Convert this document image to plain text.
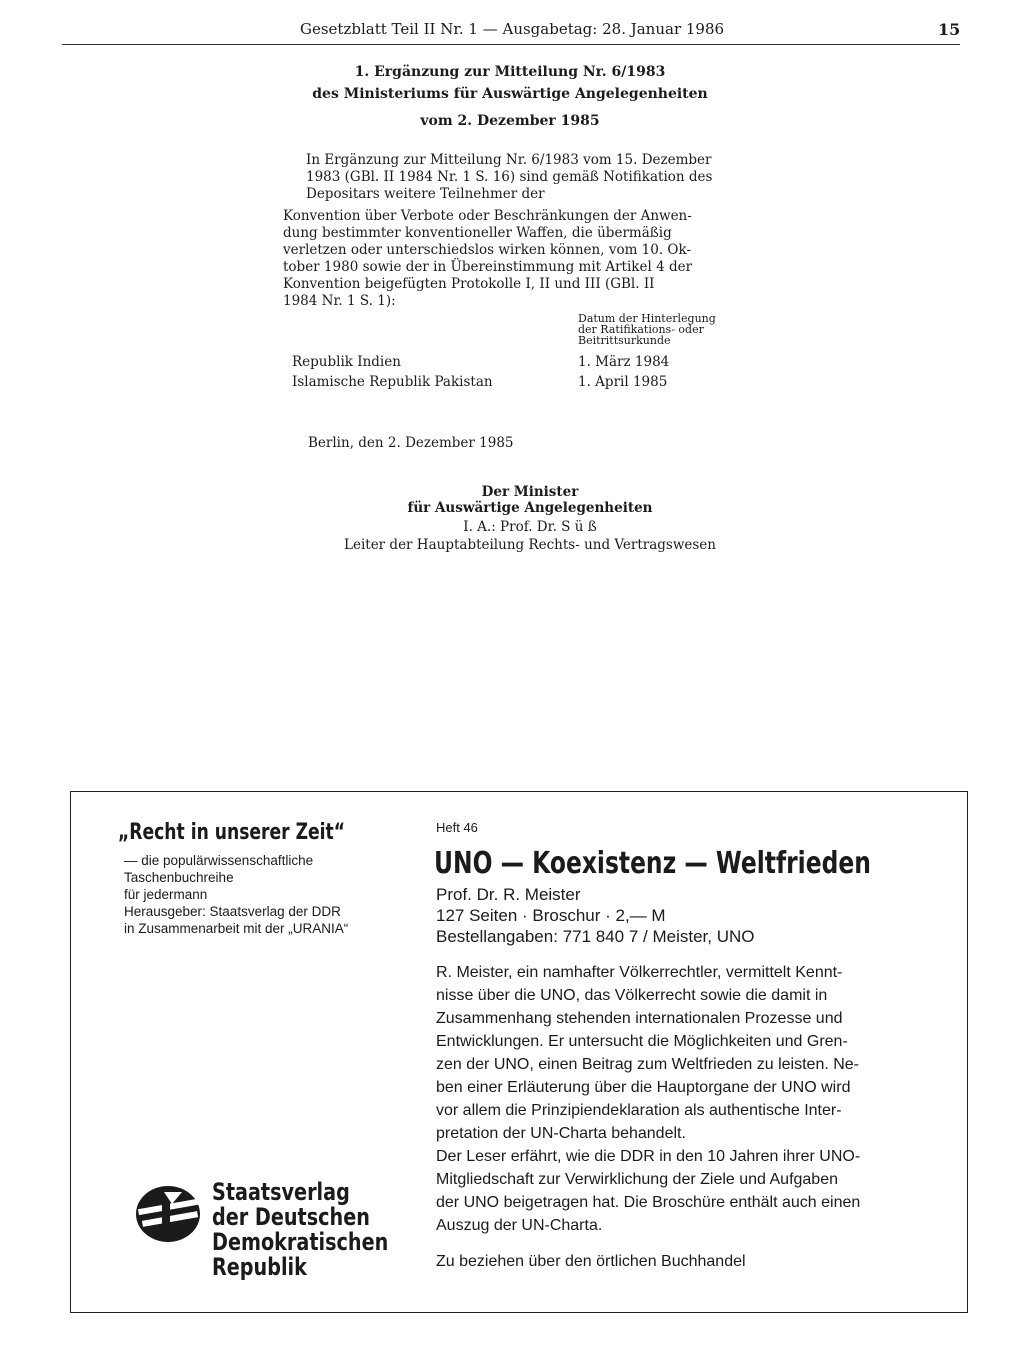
Gesetzblatt Teil II Nr. 1 — Ausgabetag: 28. Januar 1986	15
1. Ergänzung zur Mitteilung Nr. 6/1983
des Ministeriums für Auswärtige Angelegenheiten
vom 2. Dezember 1985
In Ergänzung zur Mitteilung Nr. 6/1983 vom 15. Dezember
1983 (GBl. II 1984 Nr. 1 S. 16) sind gemäß Notifikation des
Depositars weitere Teilnehmer der
Konvention über Verbote oder Beschränkungen der Anwen-
dung bestimmter konventioneller Waffen, die übermäßig
verletzen oder unterschiedslos wirken können, vom 10. Ok-
tober 1980 sowie der in Übereinstimmung mit Artikel 4 der
Konvention beigefügten Protokolle I, II und III (GBl. II
1984 Nr. 1 S. 1):
Datum der Hinterlegung
der Ratifikations- oder
Beitrittsurkunde
Republik Indien	1. März 1984
Islamische Republik Pakistan	1. April 1985
Berlin, den 2. Dezember 1985
Der Minister
für Auswärtige Angelegenheiten
I. A.: Prof. Dr. S ü ß
Leiter der Hauptabteilung Rechts- und Vertragswesen
„Recht in unserer Zeit“
— die populärwissenschaftliche
Taschenbuchreihe
für jedermann
Herausgeber: Staatsverlag der DDR
in Zusammenarbeit mit der „URANIA“
Staatsverlag
der Deutschen
Demokratischen
Republik
Heft 46
UNO — Koexistenz — Weltfrieden
Prof. Dr. R. Meister
127 Seiten · Broschur · 2,— M
Bestellangaben: 771 840 7 / Meister, UNO
R. Meister, ein namhafter Völkerrechtler, vermittelt Kennt-
nisse über die UNO, das Völkerrecht sowie die damit in
Zusammenhang stehenden internationalen Prozesse und
Entwicklungen. Er untersucht die Möglichkeiten und Gren-
zen der UNO, einen Beitrag zum Weltfrieden zu leisten. Ne-
ben einer Erläuterung über die Hauptorgane der UNO wird
vor allem die Prinzipiendeklaration als authentische Inter-
pretation der UN-Charta behandelt.
Der Leser erfährt, wie die DDR in den 10 Jahren ihrer UNO-
Mitgliedschaft zur Verwirklichung der Ziele und Aufgaben
der UNO beigetragen hat. Die Broschüre enthält auch einen
Auszug der UN-Charta.
Zu beziehen über den örtlichen Buchhandel
